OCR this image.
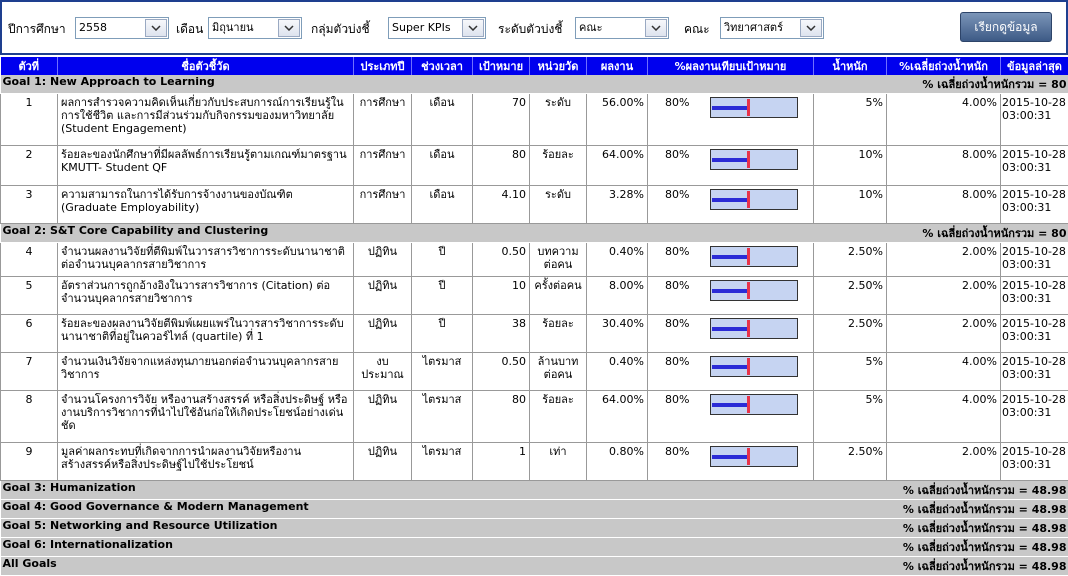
ปีการศึกษา	2558	เดือน มิถุนายน	กลุ่มตัวบ่งชี้	Super KPIs	ระดับตัวบ่งชี้	คณะ	คณะ	วิทยาศาสตร์	เรียกดูข้อมูล
ตัวที่	ชื่อตัวชี้วัด	ประเภทปี	ช่วงเวลา	เป้าหมาย	หน่วยวัด	ผลงาน	%ผลงานเทียบเป้าหมาย	น้ำหนัก	%เฉลี่ยถ่วงน้ำหนัก	ข้อมูลล่าสุด

Goal 1: New Approach to Learning % เฉลี่ยถ่วงน้ำหนักรวม = 80										

1	ผลการสำรวจความคิดเห็นเกี่ยวกับประสบการณ์การเรียนรู้ในการใช้ชีวิต และการมีส่วนร่วมกับกิจกรรมของมหาวิทยาลัย (Student Engagement)	การศึกษา	เดือน	70	ระดับ	56.00%	80%	5%	4.00%	2015-10-28
03:00:31

2	ร้อยละของนักศึกษาที่มีผลลัพธ์การเรียนรู้ตามเกณฑ์มาตรฐาน KMUTT- Student QF	การศึกษา	เดือน	80	ร้อยละ	64.00%	80%	10%	8.00%	2015-10-28
03:00:31

3	ความสามารถในการได้รับการจ้างงานของบัณฑิต (Graduate Employability)	การศึกษา	เดือน	4.10	ระดับ	3.28%	80%	10%	8.00%	2015-10-28
03:00:31

Goal 2: S&T Core Capability and Clustering % เฉลี่ยถ่วงน้ำหนักรวม = 80										

4	จำนวนผลงานวิจัยที่ตีพิมพ์ในวารสารวิชาการระดับนานาชาติต่อจำนวนบุคลากรสายวิชาการ	ปฏิทิน	ปี	0.50	บทความต่อคน	0.40%	80%	2.50%	2.00%	2015-10-28
03:00:31

5	อัตราส่วนการถูกอ้างอิงในวารสารวิชาการ (Citation) ต่อจำนวนบุคลากรสายวิชาการ	ปฏิทิน	ปี	10	ครั้งต่อคน	8.00%	80%	2.50%	2.00%	2015-10-28
03:00:31

6	ร้อยละของผลงานวิจัยตีพิมพ์เผยแพร่ในวารสารวิชาการระดับนานาชาติที่อยู่ในควอร์ไทล์ (quartile) ที่ 1	ปฏิทิน	ปี	38	ร้อยละ	30.40%	80%	2.50%	2.00%	2015-10-28
03:00:31

7	จำนวนเงินวิจัยจากแหล่งทุนภายนอกต่อจำนวนบุคลากรสายวิชาการ	งบประมาณ	ไตรมาส	0.50	ล้านบาทต่อคน	0.40%	80%	5%	4.00%	2015-10-28
03:00:31

8	จำนวนโครงการวิจัย หรืองานสร้างสรรค์ หรือสิ่งประดิษฐ์ หรืองานบริการวิชาการที่นำไปใช้อันก่อให้เกิดประโยชน์อย่างเด่นชัด	ปฏิทิน	ไตรมาส	80	ร้อยละ	64.00%	80%	5%	4.00%	2015-10-28
03:00:31

9	มูลค่าผลกระทบที่เกิดจากการนำผลงานวิจัยหรืองานสร้างสรรค์หรือสิ่งประดิษฐ์ไปใช้ประโยชน์	ปฏิทิน	ไตรมาส	1	เท่า	0.80%	80%	2.50%	2.00%	2015-10-28
03:00:31

Goal 3: Humanization % เฉลี่ยถ่วงน้ำหนักรวม = 48.98										

Goal 4: Good Governance & Modern Management % เฉลี่ยถ่วงน้ำหนักรวม = 48.98										

Goal 5: Networking and Resource Utilization % เฉลี่ยถ่วงน้ำหนักรวม = 48.98										

Goal 6: Internationalization % เฉลี่ยถ่วงน้ำหนักรวม = 48.98										

All Goals % เฉลี่ยถ่วงน้ำหนักรวม = 48.98										
